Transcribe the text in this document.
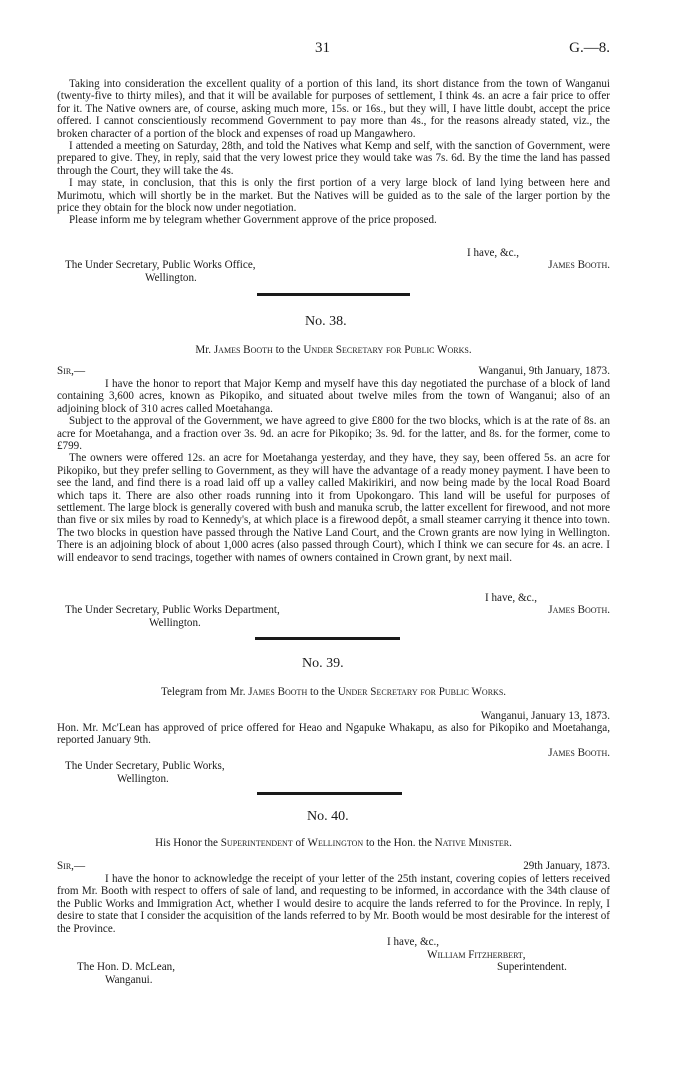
31	G.—8.

Taking into consideration the excellent quality of a portion of this land, its short distance from the town of Wanganui (twenty-five to thirty miles), and that it will be available for purposes of settlement, I think 4s. an acre a fair price to offer for it. The Native owners are, of course, asking much more, 15s. or 16s., but they will, I have little doubt, accept the price offered. I cannot conscientiously recommend Government to pay more than 4s., for the reasons already stated, viz., the broken character of a portion of the block and expenses of road up Mangawhero.

I attended a meeting on Saturday, 28th, and told the Natives what Kemp and self, with the sanction of Government, were prepared to give. They, in reply, said that the very lowest price they would take was 7s. 6d. By the time the land has passed through the Court, they will take the 4s.

I may state, in conclusion, that this is only the first portion of a very large block of land lying between here and Murimotu, which will shortly be in the market. But the Natives will be guided as to the sale of the larger portion by the price they obtain for the block now under negotiation.

Please inform me by telegram whether Government approve of the price proposed.

I have, &c.,
The Under Secretary, Public Works Office,	James Booth.
Wellington.
No. 38.
Mr. James Booth to the Under Secretary for Public Works.
Sir,—	Wanganui, 9th January, 1873.

I have the honor to report that Major Kemp and myself have this day negotiated the purchase of a block of land containing 3,600 acres, known as Pikopiko, and situated about twelve miles from the town of Wanganui; also of an adjoining block of 310 acres called Moetahanga.

Subject to the approval of the Government, we have agreed to give £800 for the two blocks, which is at the rate of 8s. an acre for Moetahanga, and a fraction over 3s. 9d. an acre for Pikopiko; 3s. 9d. for the latter, and 8s. for the former, come to £799.

The owners were offered 12s. an acre for Moetahanga yesterday, and they have, they say, been offered 5s. an acre for Pikopiko, but they prefer selling to Government, as they will have the advantage of a ready money payment. I have been to see the land, and find there is a road laid off up a valley called Makirikiri, and now being made by the local Road Board which taps it. There are also other roads running into it from Upokongaro. This land will be useful for purposes of settlement. The large block is generally covered with bush and manuka scrub, the latter excellent for firewood, and not more than five or six miles by road to Kennedy's, at which place is a firewood depôt, a small steamer carrying it thence into town. The two blocks in question have passed through the Native Land Court, and the Crown grants are now lying in Wellington. There is an adjoining block of about 1,000 acres (also passed through Court), which I think we can secure for 4s. an acre. I will endeavor to send tracings, together with names of owners contained in Crown grant, by next mail.

I have, &c.,
The Under Secretary, Public Works Department,	James Booth.
Wellington.
No. 39.
Telegram from Mr. James Booth to the Under Secretary for Public Works.
Wanganui, January 13, 1873.
Hon. Mr. Mc'Lean has approved of price offered for Heao and Ngapuke Whakapu, as also for Pikopiko and Moetahanga, reported January 9th.
James Booth.
The Under Secretary, Public Works,
Wellington.
No. 40.
His Honor the Superintendent of Wellington to the Hon. the Native Minister.
Sir,—	29th January, 1873.
I have the honor to acknowledge the receipt of your letter of the 25th instant, covering copies of letters received from Mr. Booth with respect to offers of sale of land, and requesting to be informed, in accordance with the 34th clause of the Public Works and Immigration Act, whether I would desire to acquire the lands referred to for the Province. In reply, I desire to state that I consider the acquisition of the lands referred to by Mr. Booth would be most desirable for the interest of the Province.
I have, &c.,
William Fitzherbert,
The Hon. D. McLean,	Superintendent.
Wanganui.
